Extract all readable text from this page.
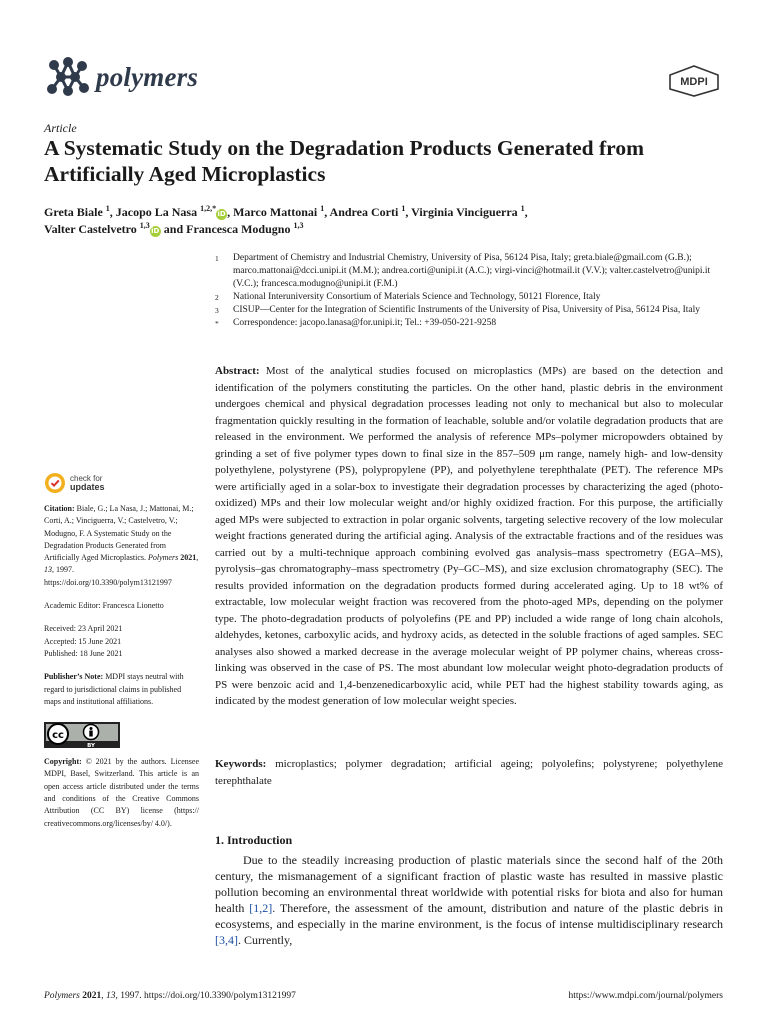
polymers	MDPI
Article
A Systematic Study on the Degradation Products Generated from Artificially Aged Microplastics
Greta Biale $^1$, Jacopo La Nasa $^{1,2,*}$iD, Marco Mattonai $^1$, Andrea Corti $^1$, Virginia Vinciguerra $^1$,
Valter Castelvetro $^{1,3}$iD and Francesca Modugno $^{1,3}$
1 Department of Chemistry and Industrial Chemistry, University of Pisa, 56124 Pisa, Italy; greta.biale@gmail.com (G.B.); marco.mattonai@dcci.unipi.it (M.M.); andrea.corti@unipi.it (A.C.); virgi-vinci@hotmail.it (V.V.); valter.castelvetro@unipi.it (V.C.); francesca.modugno@unipi.it (F.M.)
2 National Interuniversity Consortium of Materials Science and Technology, 50121 Florence, Italy
3 CISUP—Center for the Integration of Scientific Instruments of the University of Pisa, University of Pisa, 56124 Pisa, Italy
* Correspondence: jacopo.lanasa@for.unipi.it; Tel.: +39-050-221-9258
Abstract: Most of the analytical studies focused on microplastics (MPs) are based on the detection and identification of the polymers constituting the particles. On the other hand, plastic debris in the environment undergoes chemical and physical degradation processes leading not only to mechanical but also to molecular fragmentation quickly resulting in the formation of leachable, soluble and/or volatile degradation products that are released in the environment. We performed the analysis of reference MPs–polymer micropowders obtained by grinding a set of five polymer types down to final size in the 857–509 μm range, namely high- and low-density polyethylene, polystyrene (PS), polypropylene (PP), and polyethylene terephthalate (PET). The reference MPs were artificially aged in a solar-box to investigate their degradation processes by characterizing the aged (photo-oxidized) MPs and their low molecular weight and/or highly oxidized fraction. For this purpose, the artificially aged MPs were subjected to extraction in polar organic solvents, targeting selective recovery of the low molecular weight fractions generated during the artificial aging. Analysis of the extractable fractions and of the residues was carried out by a multi-technique approach combining evolved gas analysis–mass spectrometry (EGA–MS), pyrolysis–gas chromatography–mass spectrometry (Py–GC–MS), and size exclusion chromatography (SEC). The results provided information on the degradation products formed during accelerated aging. Up to 18 wt% of extractable, low molecular weight fraction was recovered from the photo-aged MPs, depending on the polymer type. The photo-degradation products of polyolefins (PE and PP) included a wide range of long chain alcohols, aldehydes, ketones, carboxylic acids, and hydroxy acids, as detected in the soluble fractions of aged samples. SEC analyses also showed a marked decrease in the average molecular weight of PP polymer chains, whereas cross-linking was observed in the case of PS. The most abundant low molecular weight photo-degradation products of PS were benzoic acid and 1,4-benzenedicarboxylic acid, while PET had the highest stability towards aging, as indicated by the modest generation of low molecular weight species.
Keywords: microplastics; polymer degradation; artificial ageing; polyolefins; polystyrene; polyethylene terephthalate
check for
updates

Citation: Biale, G.; La Nasa, J.; Mattonai, M.; Corti, A.; Vinciguerra, V.; Castelvetro, V.; Modugno, F. A Systematic Study on the Degradation Products Generated from Artificially Aged Microplastics. Polymers 2021, 13, 1997. https://doi.org/10.3390/polym13121997

Academic Editor: Francesca Lionetto

Received: 23 April 2021

Accepted: 15 June 2021

Published: 18 June 2021

Publisher’s Note: MDPI stays neutral with regard to jurisdictional claims in published maps and institutional affiliations.

cc
BY

Copyright: © 2021 by the authors. Licensee MDPI, Basel, Switzerland. This article is an open access article distributed under the terms and conditions of the Creative Commons Attribution (CC BY) license (https:// creativecommons.org/licenses/by/ 4.0/).

1. Introduction
Due to the steadily increasing production of plastic materials since the second half of the 20th century, the mismanagement of a significant fraction of plastic waste has resulted in massive plastic pollution becoming an environmental threat worldwide with potential risks for biota and also for human health [1,2]. Therefore, the assessment of the amount, distribution and nature of the plastic debris in ecosystems, and especially in the marine environment, is the focus of intense multidisciplinary research [3,4]. Currently,
Polymers 2021, 13, 1997. https://doi.org/10.3390/polym13121997	https://www.mdpi.com/journal/polymers
